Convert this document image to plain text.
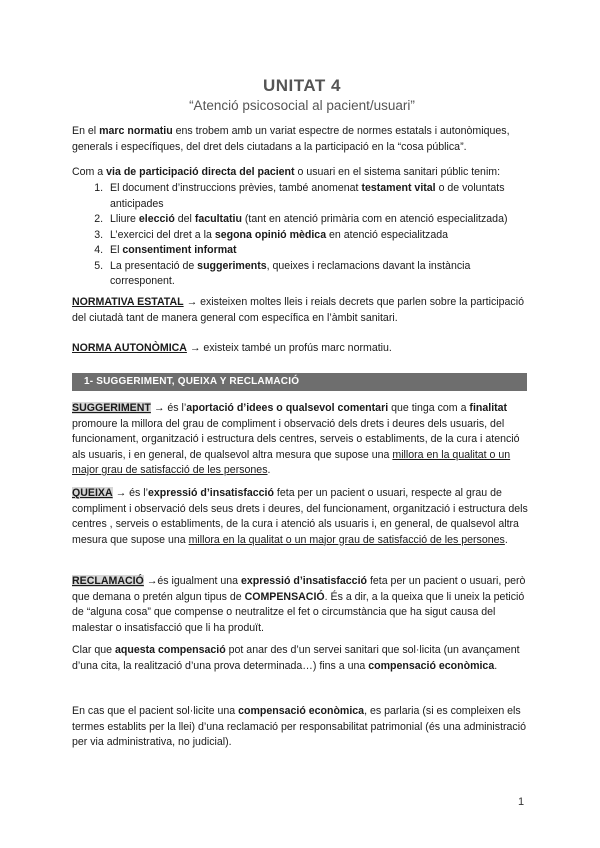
UNITAT 4

“Atenció psicosocial al pacient/usuari”

En el marc normatiu ens trobem amb un variat espectre de normes estatals i autonòmiques, generals i específiques, del dret dels ciutadans a la participació en la “cosa pública”.
Com a via de participació directa del pacient o usuari en el sistema sanitari públic tenim:
1. El document d’instruccions prèvies, també anomenat testament vital o de voluntats anticipades
2. Lliure elecció del facultatiu (tant en atenció primària com en atenció especialitzada)
3. L’exercici del dret a la segona opinió mèdica en atenció especialitzada
4. El consentiment informat
5. La presentació de suggeriments, queixes i reclamacions davant la instància corresponent.
NORMATIVA ESTATAL → existeixen moltes lleis i reials decrets que parlen sobre la participació del ciutadà tant de manera general com específica en l’àmbit sanitari.
NORMA AUTONÒMICA → existeix també un profús marc normatiu.
1- SUGGERIMENT, QUEIXA Y RECLAMACIÓ
SUGGERIMENT → és l’aportació d’idees o qualsevol comentari que tinga com a finalitat promoure la millora del grau de compliment i observació dels drets i deures dels usuaris, del funcionament, organització i estructura dels centres, serveis o establiments, de la cura i atenció als usuaris, i en general, de qualsevol altra mesura que supose una millora en la qualitat o un major grau de satisfacció de les persones.
QUEIXA → és l’expressió d’insatisfacció feta per un pacient o usuari, respecte al grau de compliment i observació dels seus drets i deures, del funcionament, organització i estructura dels centres , serveis o establiments, de la cura i atenció als usuaris i, en general, de qualsevol altra mesura que supose una millora en la qualitat o un major grau de satisfacció de les persones.
RECLAMACIÓ →és igualment una expressió d’insatisfacció feta per un pacient o usuari, però que demana o pretén algun tipus de COMPENSACIÓ. És a dir, a la queixa que li uneix la petició de “alguna cosa” que compense o neutralitze el fet o circumstància que ha sigut causa del malestar o insatisfacció que li ha produït.
Clar que aquesta compensació pot anar des d’un servei sanitari que sol·licita (un avançament d’una cita, la realització d’una prova determinada…) fins a una compensació econòmica.
En cas que el pacient sol·licite una compensació econòmica, es parlaria (si es compleixen els termes establits per la llei) d’una reclamació per responsabilitat patrimonial (és una administració per via administrativa, no judicial).
1
